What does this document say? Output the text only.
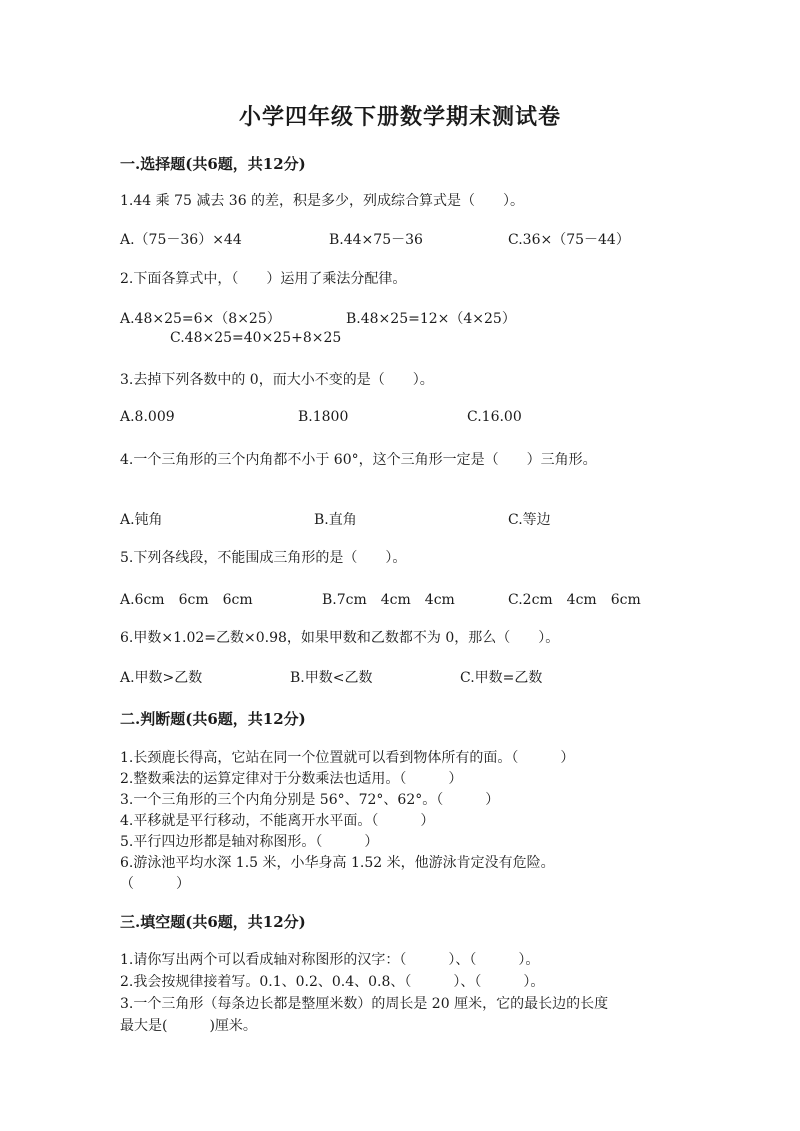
小学四年级下册数学期末测试卷
一.选择题(共6题，共12分)
1.44 乘 75 减去 36 的差，积是多少，列成综合算式是（　　）。
A.（75－36）×44	B.44×75－36	C.36×（75－44）
2.下面各算式中，（　　）运用了乘法分配律。
A.48×25=6×（8×25）	B.48×25=12×（4×25）
C.48×25=40×25+8×25
3.去掉下列各数中的 0，而大小不变的是（　　）。
A.8.009	B.1800	C.16.00
4.一个三角形的三个内角都不小于 60°，这个三角形一定是（　　）三角形。
A.钝角	B.直角	C.等边
5.下列各线段，不能围成三角形的是（　　）。
A.6cm　6cm　6cm	B.7cm　4cm　4cm	C.2cm　4cm　6cm
6.甲数×1.02=乙数×0.98，如果甲数和乙数都不为 0，那么（　　）。
A.甲数>乙数	B.甲数<乙数	C.甲数=乙数
二.判断题(共6题，共12分)
1.长颈鹿长得高，它站在同一个位置就可以看到物体所有的面。（　　　）
2.整数乘法的运算定律对于分数乘法也适用。（　　　）
3.一个三角形的三个内角分别是 56°、72°、62°。（　　　）
4.平移就是平行移动，不能离开水平面。（　　　）
5.平行四边形都是轴对称图形。（　　　）
6.游泳池平均水深 1.5 米，小华身高 1.52 米，他游泳肯定没有危险。
（　　　）
三.填空题(共6题，共12分)
1.请你写出两个可以看成轴对称图形的汉字：（　　　）、（　　　）。
2.我会按规律接着写。0.1、0.2、0.4、0.8、（　　　）、（　　　）。
3.一个三角形（每条边长都是整厘米数）的周长是 20 厘米，它的最长边的长度
最大是(　　　)厘米。
